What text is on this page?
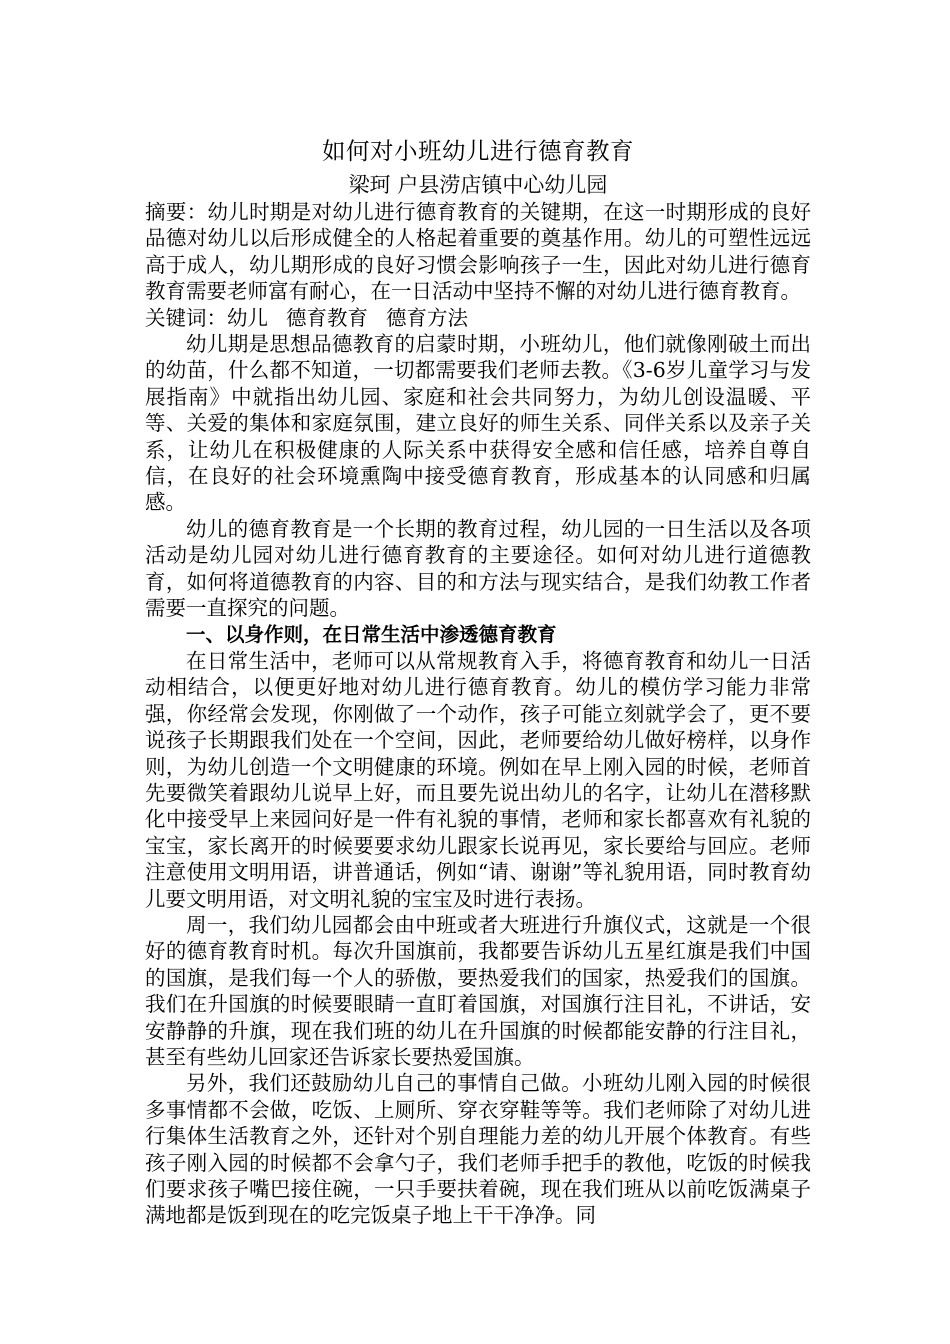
如何对小班幼儿进行德育教育
梁珂 户县涝店镇中心幼儿园

摘要：幼儿时期是对幼儿进行德育教育的关键期，在这一时期形成的良好品德对幼儿以后形成健全的人格起着重要的奠基作用。幼儿的可塑性远远高于成人，幼儿期形成的良好习惯会影响孩子一生，因此对幼儿进行德育教育需要老师富有耐心，在一日活动中坚持不懈的对幼儿进行德育教育。

关键词：幼儿 德育教育 德育方法

幼儿期是思想品德教育的启蒙时期，小班幼儿，他们就像刚破土而出的幼苗，什么都不知道，一切都需要我们老师去教。《3-6岁儿童学习与发展指南》中就指出幼儿园、家庭和社会共同努力，为幼儿创设温暖、平等、关爱的集体和家庭氛围，建立良好的师生关系、同伴关系以及亲子关系，让幼儿在积极健康的人际关系中获得安全感和信任感，培养自尊自信，在良好的社会环境熏陶中接受德育教育，形成基本的认同感和归属感。

幼儿的德育教育是一个长期的教育过程，幼儿园的一日生活以及各项活动是幼儿园对幼儿进行德育教育的主要途径。如何对幼儿进行道德教育，如何将道德教育的内容、目的和方法与现实结合，是我们幼教工作者需要一直探究的问题。

一、以身作则，在日常生活中渗透德育教育

在日常生活中，老师可以从常规教育入手，将德育教育和幼儿一日活动相结合，以便更好地对幼儿进行德育教育。幼儿的模仿学习能力非常强，你经常会发现，你刚做了一个动作，孩子可能立刻就学会了，更不要说孩子长期跟我们处在一个空间，因此，老师要给幼儿做好榜样，以身作则，为幼儿创造一个文明健康的环境。例如在早上刚入园的时候，老师首先要微笑着跟幼儿说早上好，而且要先说出幼儿的名字，让幼儿在潜移默化中接受早上来园问好是一件有礼貌的事情，老师和家长都喜欢有礼貌的宝宝，家长离开的时候要要求幼儿跟家长说再见，家长要给与回应。老师注意使用文明用语，讲普通话，例如“请、谢谢”等礼貌用语，同时教育幼儿要文明用语，对文明礼貌的宝宝及时进行表扬。

周一，我们幼儿园都会由中班或者大班进行升旗仪式，这就是一个很好的德育教育时机。每次升国旗前，我都要告诉幼儿五星红旗是我们中国的国旗，是我们每一个人的骄傲，要热爱我们的国家，热爱我们的国旗。我们在升国旗的时候要眼睛一直盯着国旗，对国旗行注目礼，不讲话，安安静静的升旗，现在我们班的幼儿在升国旗的时候都能安静的行注目礼，甚至有些幼儿回家还告诉家长要热爱国旗。

另外，我们还鼓励幼儿自己的事情自己做。小班幼儿刚入园的时候很多事情都不会做，吃饭、上厕所、穿衣穿鞋等等。我们老师除了对幼儿进行集体生活教育之外，还针对个别自理能力差的幼儿开展个体教育。有些孩子刚入园的时候都不会拿勺子，我们老师手把手的教他，吃饭的时候我们要求孩子嘴巴接住碗，一只手要扶着碗，现在我们班从以前吃饭满桌子满地都是饭到现在的吃完饭桌子地上干干净净。同
